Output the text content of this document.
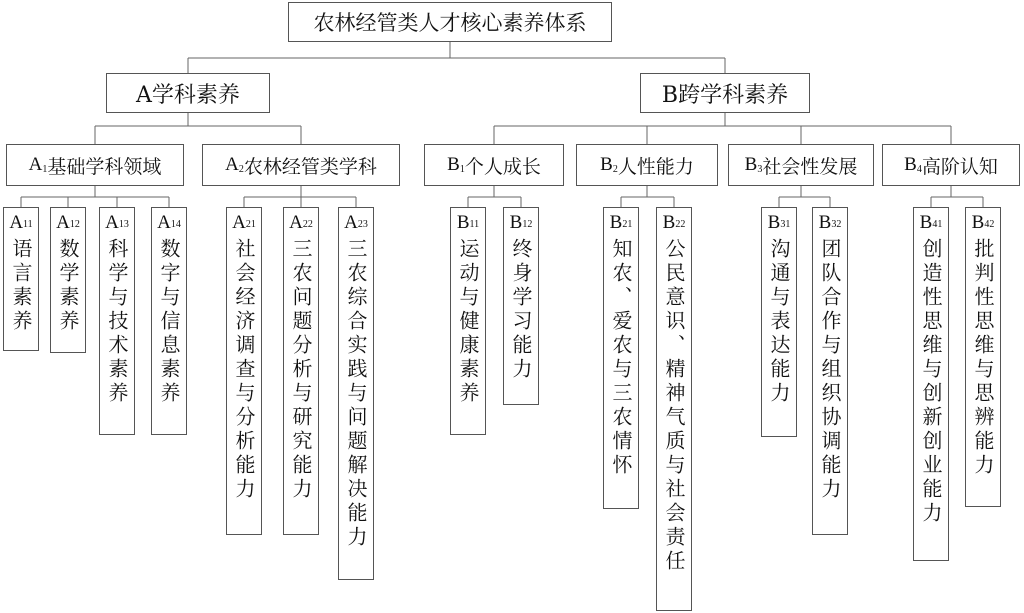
农林经管类人才核心素养体系
A学科素养	B跨学科素养
A $_1$ 基础学科领域	A $_2$ 农林经管类学科	B $_1$ 个人成长	B $_2$ 人性能力	B $_3$ 社会性发展 B $_4$ 高阶认知
$A_{11}$
语言素养
$A_{12}$
数学素养
$A_{13}$
科学与技术素养
$A_{14}$
数字与信息素养
$A_{21}$
社会经济调查与分析能力
$A_{22}$
三农问题分析与研究能力
$A_{23}$
三农综合实践与问题解决能力
$B_{11}$
运动与健康素养
$B_{12}$
终身学习能力
$B_{21}$
知农、爱农与三农情怀
$B_{22}$
公民意识、精神气质与社会责任
$B_{31}$
沟通与表达能力
$B_{32}$
团队合作与组织协调能力
$B_{41}$
创造性思维与创新创业能力
$B_{42}$
批判性思维与思辨能力
